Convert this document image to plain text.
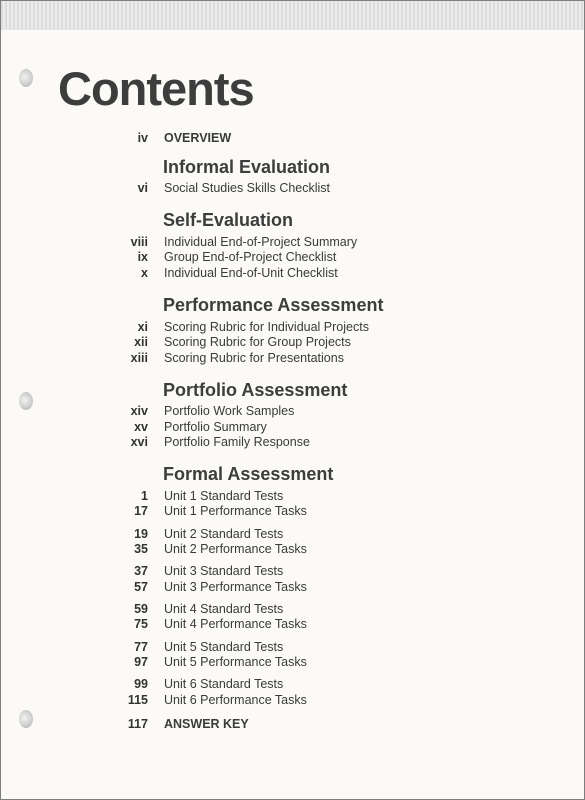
Contents
iv OVERVIEW
Informal Evaluation
vi Social Studies Skills Checklist
Self-Evaluation
viii Individual End-of-Project Summary
ix Group End-of-Project Checklist
x Individual End-of-Unit Checklist
Performance Assessment
xi Scoring Rubric for Individual Projects
xii Scoring Rubric for Group Projects
xiii Scoring Rubric for Presentations
Portfolio Assessment
xiv Portfolio Work Samples
xv Portfolio Summary
xvi Portfolio Family Response
Formal Assessment
1 Unit 1 Standard Tests
17 Unit 1 Performance Tasks
19 Unit 2 Standard Tests
35 Unit 2 Performance Tasks
37 Unit 3 Standard Tests
57 Unit 3 Performance Tasks
59 Unit 4 Standard Tests
75 Unit 4 Performance Tasks
77 Unit 5 Standard Tests
97 Unit 5 Performance Tasks
99 Unit 6 Standard Tests
115 Unit 6 Performance Tasks
117 ANSWER KEY
